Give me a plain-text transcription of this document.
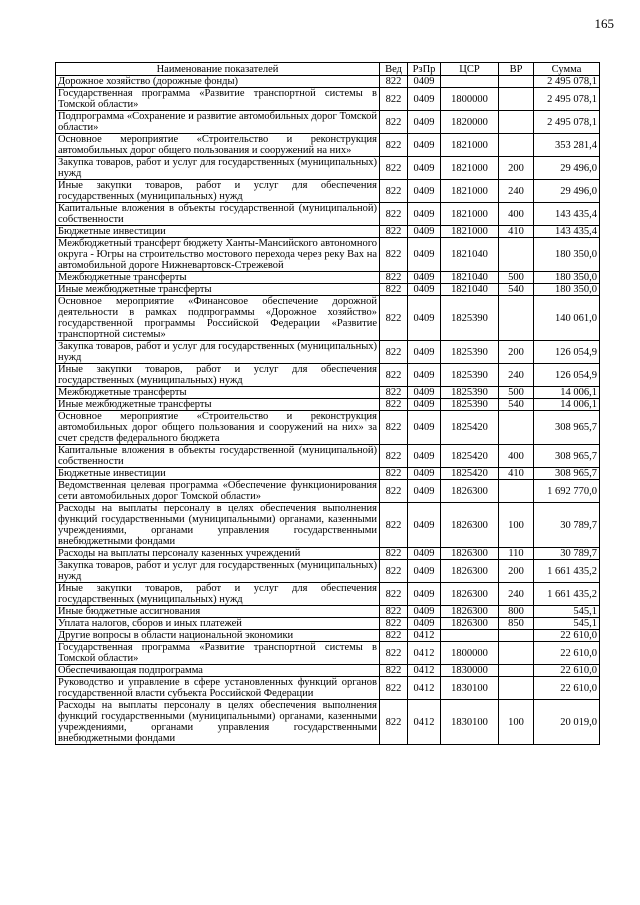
165
Наименование показателей	Вед	РзПр	ЦСР	ВР	Сумма
Дорожное хозяйство (дорожные фонды)	822	0409			2 495 078,1
Государственная программа «Развитие транспортной системы в Томской области»	822	0409	1800000		2 495 078,1
Подпрограмма «Сохранение и развитие автомобильных дорог Томской области»	822	0409	1820000		2 495 078,1
Основное мероприятие «Строительство и реконструкция автомобильных дорог общего пользования и сооружений на них»	822	0409	1821000		353 281,4
Закупка товаров, работ и услуг для государственных (муниципальных) нужд	822	0409	1821000	200	29 496,0
Иные закупки товаров, работ и услуг для обеспечения государственных (муниципальных) нужд	822	0409	1821000	240	29 496,0
Капитальные вложения в объекты государственной (муниципальной) собственности	822	0409	1821000	400	143 435,4
Бюджетные инвестиции	822	0409	1821000	410	143 435,4
Межбюджетный трансферт бюджету Ханты-Мансийского автономного округа - Югры на строительство мостового перехода через реку Вах на автомобильной дороге Нижневартовск-Стрежевой	822	0409	1821040		180 350,0
Межбюджетные трансферты	822	0409	1821040	500	180 350,0
Иные межбюджетные трансферты	822	0409	1821040	540	180 350,0
Основное мероприятие «Финансовое обеспечение дорожной деятельности в рамках подпрограммы «Дорожное хозяйство» государственной программы Российской Федерации «Развитие транспортной системы»	822	0409	1825390		140 061,0
Закупка товаров, работ и услуг для государственных (муниципальных) нужд	822	0409	1825390	200	126 054,9
Иные закупки товаров, работ и услуг для обеспечения государственных (муниципальных) нужд	822	0409	1825390	240	126 054,9
Межбюджетные трансферты	822	0409	1825390	500	14 006,1
Иные межбюджетные трансферты	822	0409	1825390	540	14 006,1
Основное мероприятие «Строительство и реконструкция автомобильных дорог общего пользования и сооружений на них» за счет средств федерального бюджета	822	0409	1825420		308 965,7
Капитальные вложения в объекты государственной (муниципальной) собственности	822	0409	1825420	400	308 965,7
Бюджетные инвестиции	822	0409	1825420	410	308 965,7
Ведомственная целевая программа «Обеспечение функционирования сети автомобильных дорог Томской области»	822	0409	1826300		1 692 770,0
Расходы на выплаты персоналу в целях обеспечения выполнения функций государственными (муниципальными) органами, казенными учреждениями, органами управления государственными внебюджетными фондами	822	0409	1826300	100	30 789,7
Расходы на выплаты персоналу казенных учреждений	822	0409	1826300	110	30 789,7
Закупка товаров, работ и услуг для государственных (муниципальных) нужд	822	0409	1826300	200	1 661 435,2
Иные закупки товаров, работ и услуг для обеспечения государственных (муниципальных) нужд	822	0409	1826300	240	1 661 435,2
Иные бюджетные ассигнования	822	0409	1826300	800	545,1
Уплата налогов, сборов и иных платежей	822	0409	1826300	850	545,1
Другие вопросы в области национальной экономики	822	0412			22 610,0
Государственная программа «Развитие транспортной системы в Томской области»	822	0412	1800000		22 610,0
Обеспечивающая подпрограмма	822	0412	1830000		22 610,0
Руководство и управление в сфере установленных функций органов государственной власти субъекта Российской Федерации	822	0412	1830100		22 610,0
Расходы на выплаты персоналу в целях обеспечения выполнения функций государственными (муниципальными) органами, казенными учреждениями, органами управления государственными внебюджетными фондами	822	0412	1830100	100	20 019,0
